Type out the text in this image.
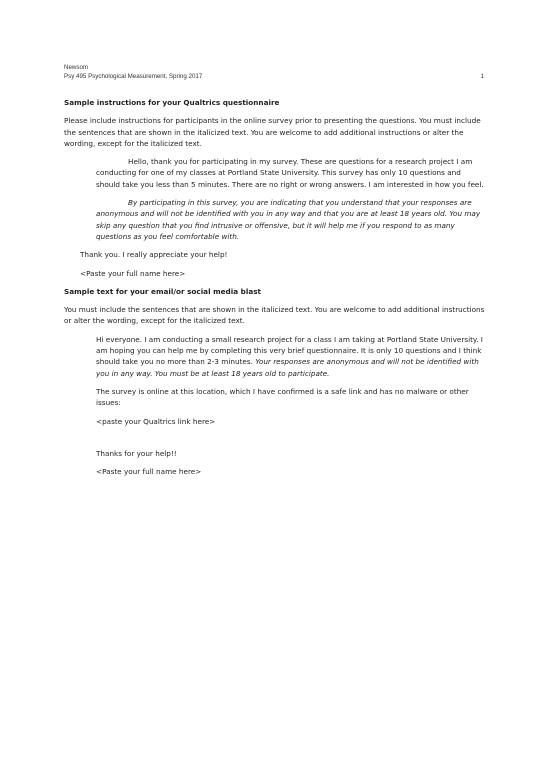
Newsom
Psy 495 Psychological Measurement, Spring 2017	1

Sample instructions for your Qualtrics questionnaire

Please include instructions for participants in the online survey prior to presenting the questions. You must include the sentences that are shown in the italicized text. You are welcome to add additional instructions or alter the wording, except for the italicized text.

Hello, thank you for participating in my survey. These are questions for a research project I am conducting for one of my classes at Portland State University. This survey has only 10 questions and should take you less than 5 minutes. There are no right or wrong answers. I am interested in how you feel.

By participating in this survey, you are indicating that you understand that your responses are anonymous and will not be identified with you in any way and that you are at least 18 years old. You may skip any question that you find intrusive or offensive, but it will help me if you respond to as many questions as you feel comfortable with.

Thank you. I really appreciate your help!

<Paste your full name here>

Sample text for your email/or social media blast

You must include the sentences that are shown in the italicized text. You are welcome to add additional instructions or alter the wording, except for the italicized text.

Hi everyone. I am conducting a small research project for a class I am taking at Portland State University. I am hoping you can help me by completing this very brief questionnaire. It is only 10 questions and I think should take you no more than 2-3 minutes. Your responses are anonymous and will not be identified with you in any way. You must be at least 18 years old to participate.

The survey is online at this location, which I have confirmed is a safe link and has no malware or other issues:

<paste your Qualtrics link here>

Thanks for your help!!

<Paste your full name here>
